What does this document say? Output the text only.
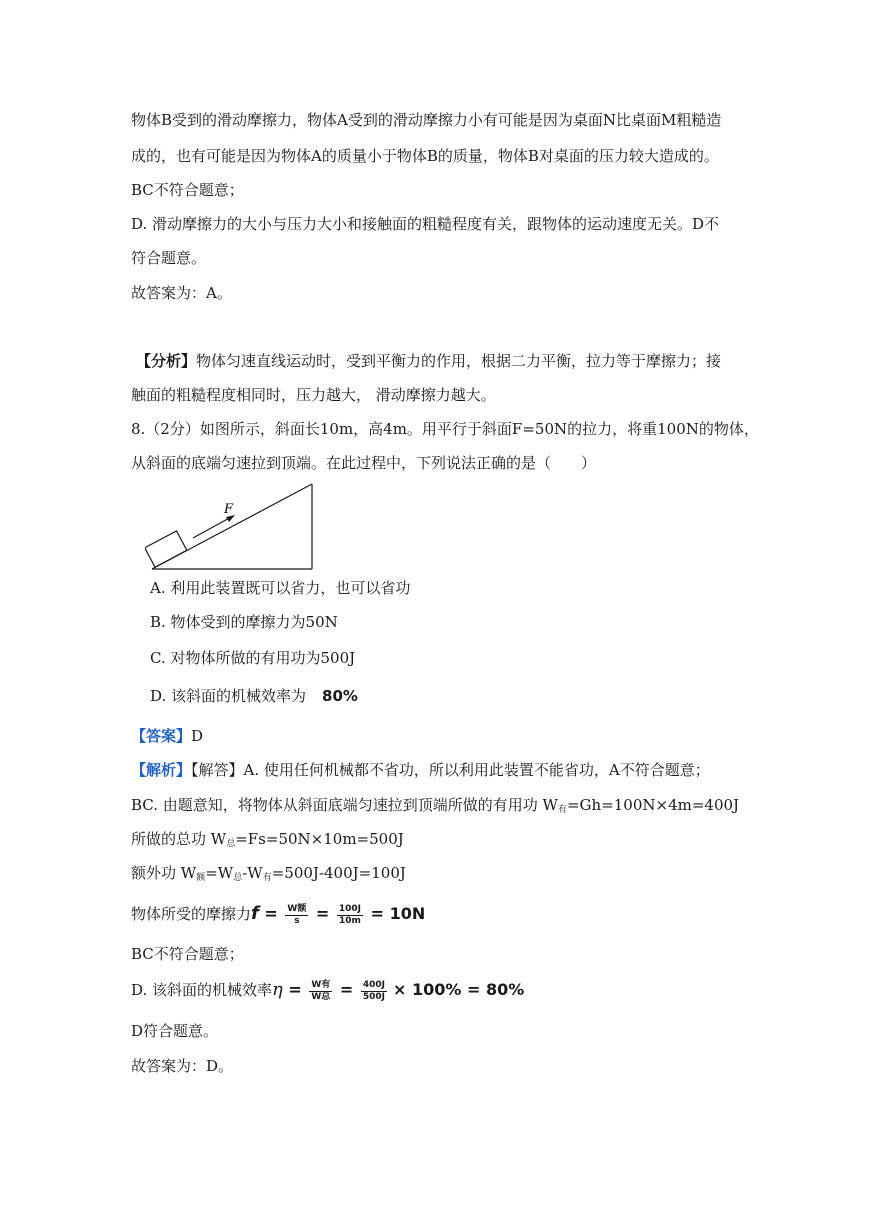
物体B受到的滑动摩擦力，物体A受到的滑动摩擦力小有可能是因为桌面N比桌面M粗糙造

成的，也有可能是因为物体A的质量小于物体B的质量，物体B对桌面的压力较大造成的。

BC不符合题意；

D. 滑动摩擦力的大小与压力大小和接触面的粗糙程度有关，跟物体的运动速度无关。D不

符合题意。

故答案为：A。

【分析】物体匀速直线运动时，受到平衡力的作用，根据二力平衡，拉力等于摩擦力；接

触面的粗糙程度相同时，压力越大， 滑动摩擦力越大。

8.（2分）如图所示，斜面长10m，高4m。用平行于斜面F=50N的拉力，将重100N的物体，

从斜面的底端匀速拉到顶端。在此过程中，下列说法正确的是（　　）

F

A. 利用此装置既可以省力，也可以省功

B. 物体受到的摩擦力为50N

C. 对物体所做的有用功为500J

D. 该斜面的机械效率为 80%

【答案】D

【解析】【解答】A. 使用任何机械都不省功，所以利用此装置不能省功，A不符合题意；

BC. 由题意知，将物体从斜面底端匀速拉到顶端所做的有用功 $W_有=Gh=100N\times 4m=400J$

所做的总功 $W_总=Fs=50N\times 10m=500J$

额外功 $W_额=W_总-W_有=500J-400J=100J$

物体所受的摩擦力$f = \frac{\text{W额}}{s} = \frac{100J}{10m} = 10N$

BC不符合题意；

D. 该斜面的机械效率$\eta = \frac{\text{W有}}{\text{W总}} = \frac{400J}{500J} \times 100\% = 80\%$

D符合题意。

故答案为：D。
